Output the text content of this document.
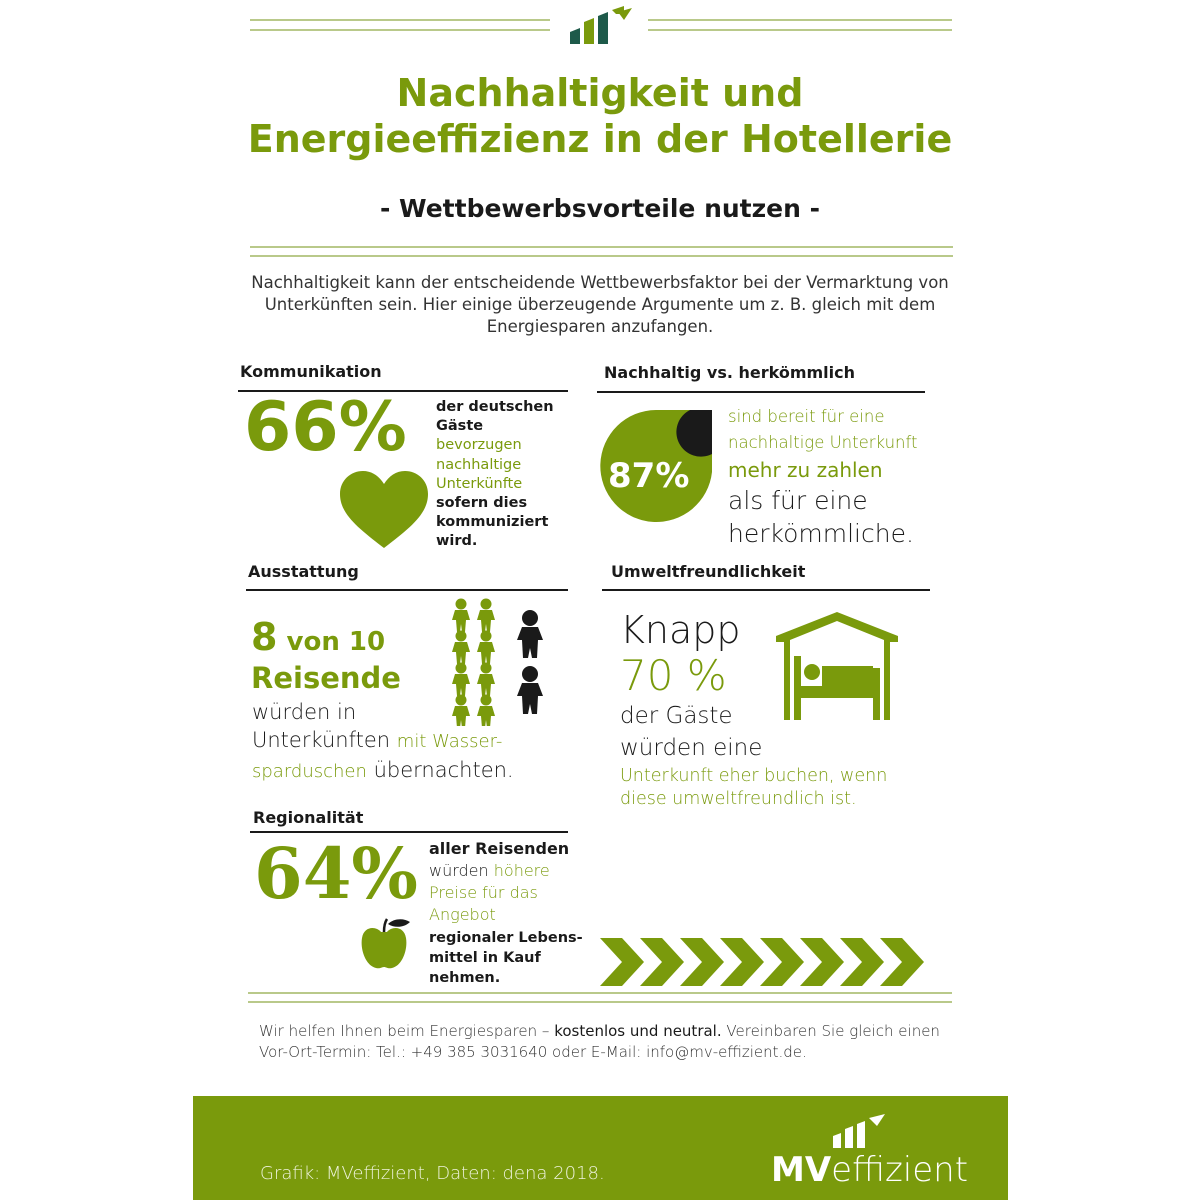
Nachhaltigkeit und
Energieeffizienz in der Hotellerie
- Wettbewerbsvorteile nutzen -
Nachhaltigkeit kann der entscheidende Wettbewerbsfaktor bei der Vermarktung von
Unterkünften sein. Hier einige überzeugende Argumente um z. B. gleich mit dem
Energiesparen anzufangen.
Kommunikation
66% der deutschen
Gäste
bevorzugen
nachhaltige
Unterkünfte
sofern dies
kommuniziert
wird.
Nachhaltig vs. herkömmlich
87%
sind bereit für eine
nachhaltige Unterkunft
mehr zu zahlen
als für eine
herkömmliche.
Ausstattung
8 von 10
Reisende
würden in
Unterkünften mit Wasser-
sparduschen übernachten.
Umweltfreundlichkeit
Knapp
70 %
der Gäste
würden eine
Unterkunft eher buchen, wenn
diese umweltfreundlich ist.
Regionalität
64% aller Reisenden
würden höhere
Preise für das
Angebot
regionaler Lebens-
mittel in Kauf
nehmen.
Wir helfen Ihnen beim Energiesparen – kostenlos und neutral. Vereinbaren Sie gleich einen
Vor-Ort-Termin: Tel.: +49 385 3031640 oder E-Mail: info@mv-effizient.de.
Grafik: MVeffizient, Daten: dena 2018.	MVeffizient
